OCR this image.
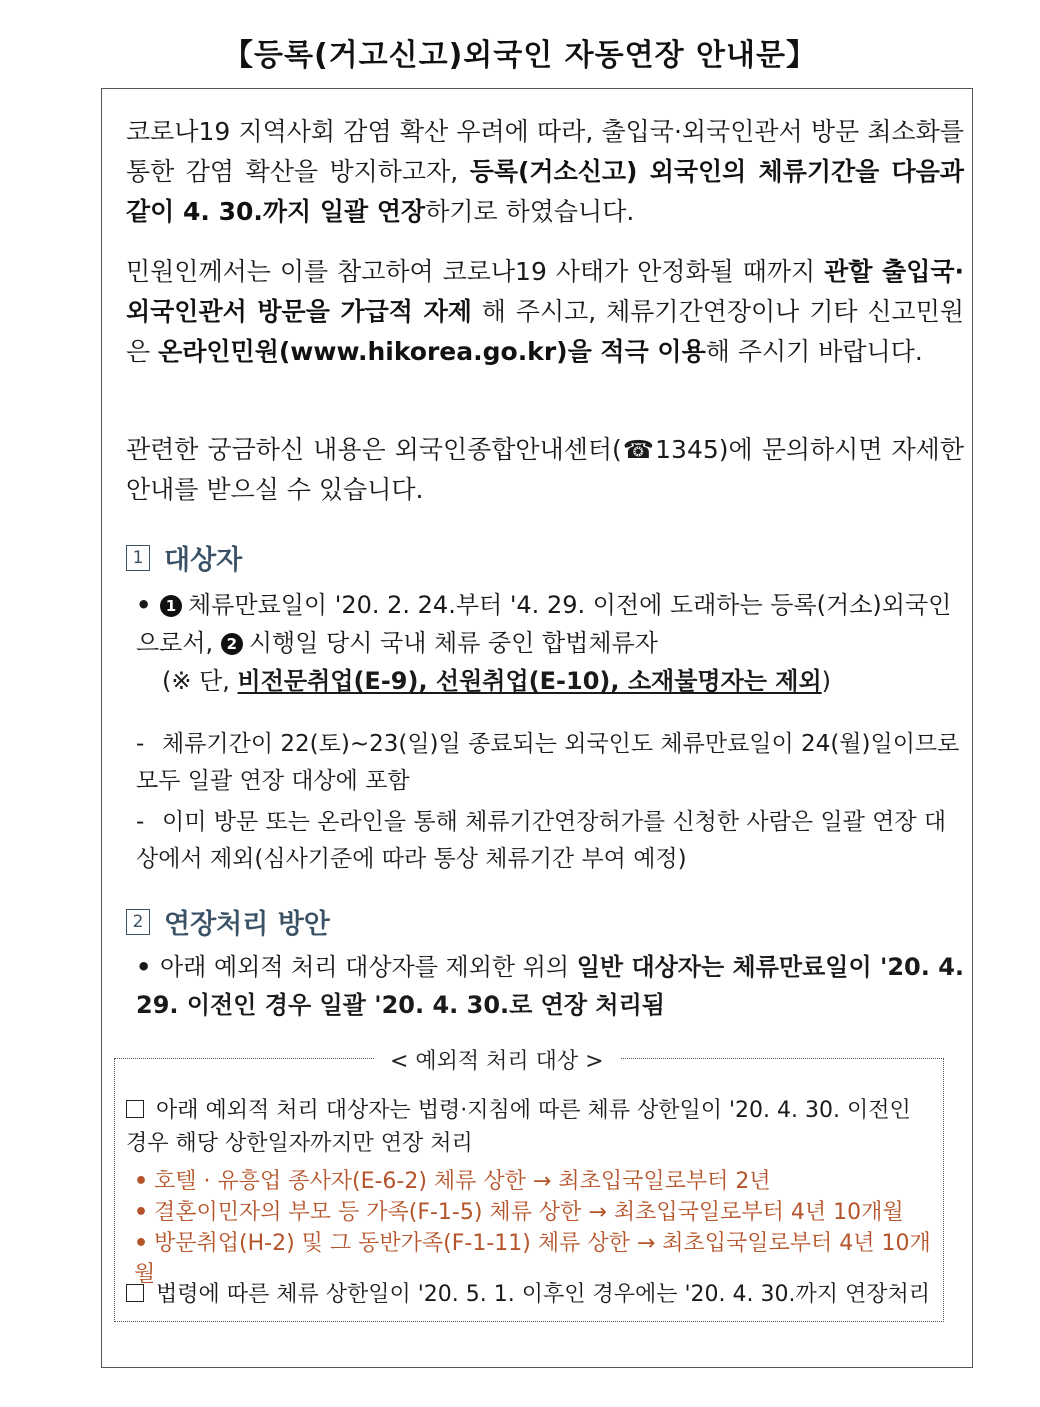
【등록(거고신고)외국인 자동연장 안내문】
코로나19 지역사회 감염 확산 우려에 따라, 출입국·외국인관서 방문 최소화를 통한 감염 확산을 방지하고자, 등록(거소신고) 외국인의 체류기간을 다음과 같이 4. 30.까지 일괄 연장하기로 하였습니다.
민원인께서는 이를 참고하여 코로나19 사태가 안정화될 때까지 관할 출입국·외국인관서 방문을 가급적 자제 해 주시고, 체류기간연장이나 기타 신고민원은 온라인민원(www.hikorea.go.kr)을 적극 이용해 주시기 바랍니다.
관련한 궁금하신 내용은 외국인종합안내센터(☎1345)에 문의하시면 자세한 안내를 받으실 수 있습니다.
1 대상자
• 1 체류만료일이 '20. 2. 24.부터 '4. 29. 이전에 도래하는 등록(거소)외국인으로서, 2 시행일 당시 국내 체류 중인 합법체류자
(※ 단, 비전문취업(E-9), 선원취업(E-10), 소재불명자는 제외)
- 체류기간이 22(토)~23(일)일 종료되는 외국인도 체류만료일이 24(월)일이므로 모두 일괄 연장 대상에 포함
- 이미 방문 또는 온라인을 통해 체류기간연장허가를 신청한 사람은 일괄 연장 대상에서 제외(심사기준에 따라 통상 체류기간 부여 예정)
2 연장처리 방안
• 아래 예외적 처리 대상자를 제외한 위의 일반 대상자는 체류만료일이 '20. 4. 29. 이전인 경우 일괄 '20. 4. 30.로 연장 처리됨
< 예외적 처리 대상 >
아래 예외적 처리 대상자는 법령·지침에 따른 체류 상한일이 '20. 4. 30. 이전인 경우 해당 상한일자까지만 연장 처리
• 호텔 · 유흥업 종사자(E-6-2) 체류 상한 → 최초입국일로부터 2년
• 결혼이민자의 부모 등 가족(F-1-5) 체류 상한 → 최초입국일로부터 4년 10개월
• 방문취업(H-2) 및 그 동반가족(F-1-11) 체류 상한 → 최초입국일로부터 4년 10개월
법령에 따른 체류 상한일이 '20. 5. 1. 이후인 경우에는 '20. 4. 30.까지 연장처리
